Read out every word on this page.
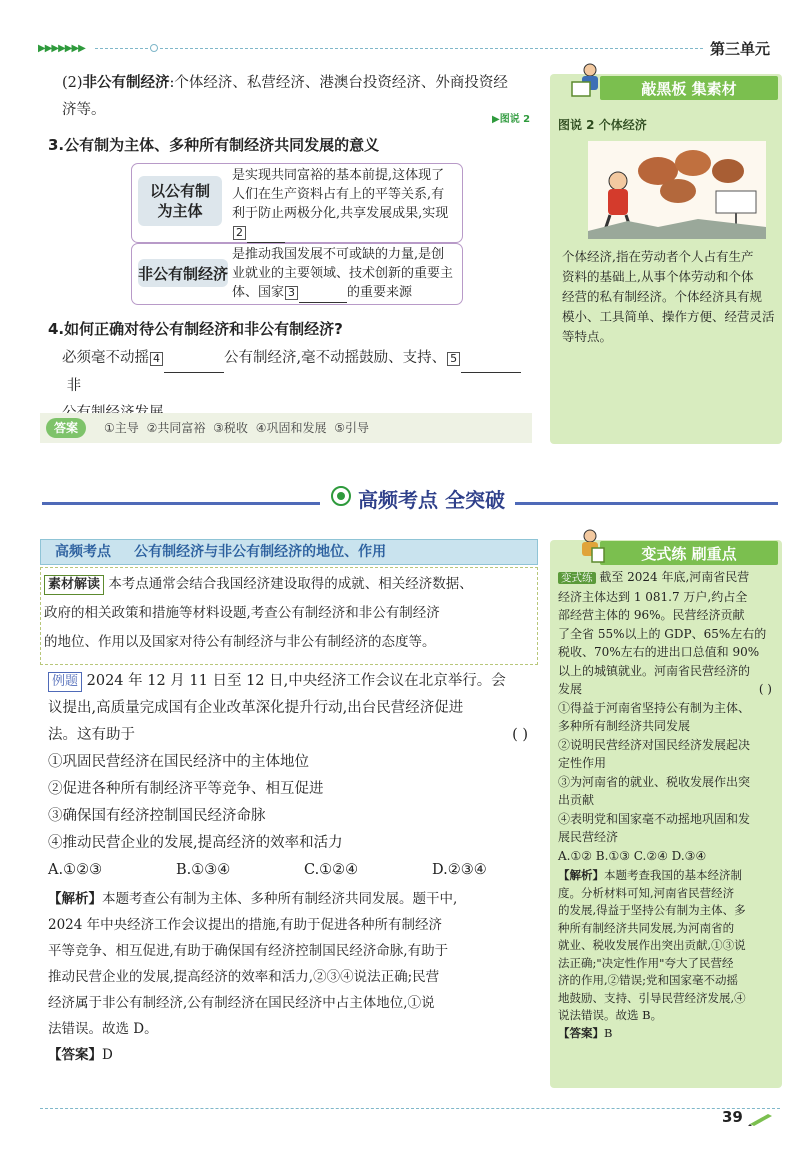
▶▶▶▶▶▶▶	第三单元

(2)非公有制经济:个体经济、私营经济、港澳台投资经济、外商投资经

济等。

▶图说 2
3.公有制为主体、多种所有制经济共同发展的意义
以公有制
为主体
是实现共同富裕的基本前提,这体现了
人们在生产资料占有上的平等关系,有
利于防止两极分化,共享发展成果,实现
2
非公有制经济
是推动我国发展不可或缺的力量,是创
业就业的主要领域、技术创新的重要主
体、国家 3	的重要来源
4.如何正确对待公有制经济和非公有制经济?

必须毫不动摇 4	公有制经济,毫不动摇鼓励、支持、 5  非

答案	①主导 ②共同富裕 ③税收 ④巩固和发展 ⑤引导
敲黑板 集素材
图说 2 个体经济
个体经济,指在劳动者个人占有生产
资料的基础上,从事个体劳动和个体
经营的私有制经济。个体经济具有规
模小、工具简单、操作方便、经营灵活
等特点。
高频考点 全突破
高频考点 公有制经济与非公有制经济的地位、作用
素材解读 本考点通常会结合我国经济建设取得的成就、相关经济数据、
政府的相关政策和措施等材料设题,考查公有制经济和非公有制经济
的地位、作用以及国家对待公有制经济与非公有制经济的态度等。

例题 2024 年 12 月 11 日至 12 日,中央经济工作会议在北京举行。会

议提出,高质量完成国有企业改革深化提升行动,出台民营经济促进

法。这有助于	( )

①巩固民营经济在国民经济中的主体地位

②促进各种所有制经济平等竞争、相互促进

③确保国有经济控制国民经济命脉

④推动民营企业的发展,提高经济的效率和活力

A.①②③	B.①③④	C.①②④	D.②③④

【解析】本题考查公有制为主体、多种所有制经济共同发展。题干中,
2024 年中央经济工作会议提出的措施,有助于促进各种所有制经济
平等竞争、相互促进,有助于确保国有经济控制国民经济命脉,有助于
推动民营企业的发展,提高经济的效率和活力,②③④说法正确;民营
经济属于非公有制经济,公有制经济在国民经济中占主体地位,①说
法错误。故选 D。
【答案】D
变式练 刷重点
变式练 截至 2024 年底,河南省民营
经济主体达到 1 081.7 万户,约占全
部经营主体的 96%。民营经济贡献
了全省 55%以上的 GDP、65%左右的
税收、70%左右的进出口总值和 90%
以上的城镇就业。河南省民营经济的
发展	( )
①得益于河南省坚持公有制为主体、
多种所有制经济共同发展
②说明民营经济对国民经济发展起决
定性作用
③为河南省的就业、税收发展作出突
出贡献
④表明党和国家毫不动摇地巩固和发
展民营经济
A.①② B.①③ C.②④ D.③④
【解析】本题考查我国的基本经济制
度。分析材料可知,河南省民营经济
的发展,得益于坚持公有制为主体、多
种所有制经济共同发展,为河南省的
就业、税收发展作出突出贡献,①③说
法正确;"决定性作用"夸大了民营经
济的作用,②错误;党和国家毫不动摇
地鼓励、支持、引导民营经济发展,④
说法错误。故选 B。
【答案】B
39
